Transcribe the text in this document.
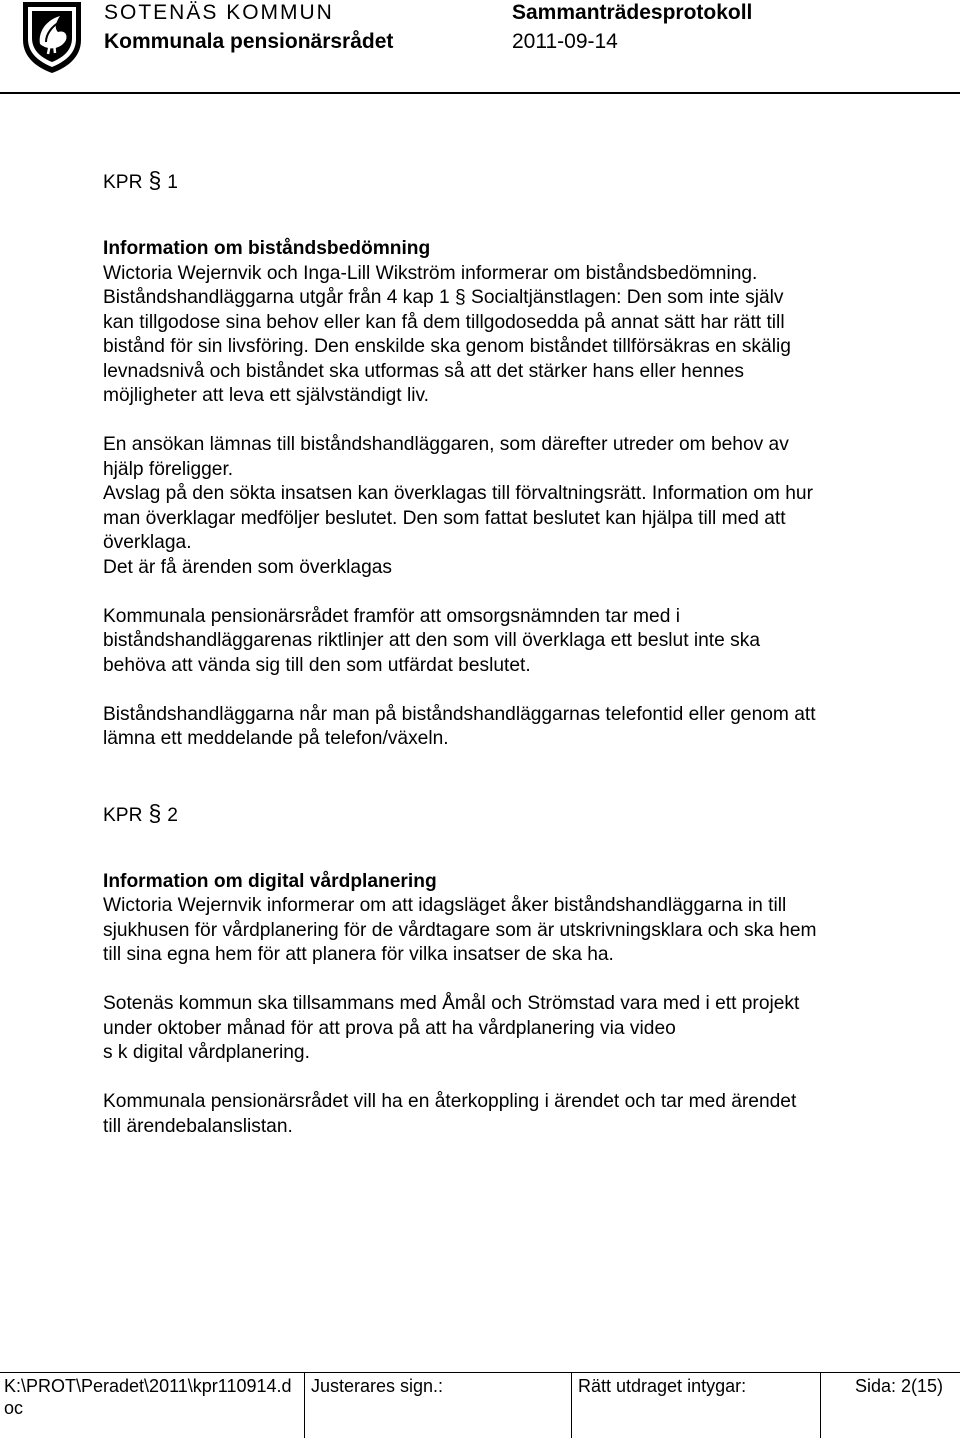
SOTENÄS KOMMUN
Kommunala pensionärsrådet
Sammanträdesprotokoll
2011-09-14
KPR § 1

Information om biståndsbedömning

Wictoria Wejernvik och Inga-Lill Wikström informerar om biståndsbedömning.

Biståndshandläggarna utgår från 4 kap 1 § Socialtjänstlagen: Den som inte själv

kan tillgodose sina behov eller kan få dem tillgodosedda på annat sätt har rätt till

bistånd för sin livsföring. Den enskilde ska genom biståndet tillförsäkras en skälig

levnadsnivå och biståndet ska utformas så att det stärker hans eller hennes

möjligheter att leva ett självständigt liv.

En ansökan lämnas till biståndshandläggaren, som därefter utreder om behov av

hjälp föreligger.

Avslag på den sökta insatsen kan överklagas till förvaltningsrätt. Information om hur

man överklagar medföljer beslutet. Den som fattat beslutet kan hjälpa till med att

överklaga.

Det är få ärenden som överklagas

Kommunala pensionärsrådet framför att omsorgsnämnden tar med i

biståndshandläggarenas riktlinjer att den som vill överklaga ett beslut inte ska

behöva att vända sig till den som utfärdat beslutet.

Biståndshandläggarna når man på biståndshandläggarnas telefontid eller genom att

lämna ett meddelande på telefon/växeln.

KPR § 2

Information om digital vårdplanering

Wictoria Wejernvik informerar om att idagsläget åker biståndshandläggarna in till

sjukhusen för vårdplanering för de vårdtagare som är utskrivningsklara och ska hem

till sina egna hem för att planera för vilka insatser de ska ha.

Sotenäs kommun ska tillsammans med Åmål och Strömstad vara med i ett projekt

under oktober månad för att prova på att ha vårdplanering via video

s k digital vårdplanering.

Kommunala pensionärsrådet vill ha en återkoppling i ärendet och tar med ärendet

till ärendebalanslistan.

K:\PROT\Peradet\2011\kpr110914.d
oc
Justerares sign.:	Rätt utdraget intygar:	Sida: 2(15)
